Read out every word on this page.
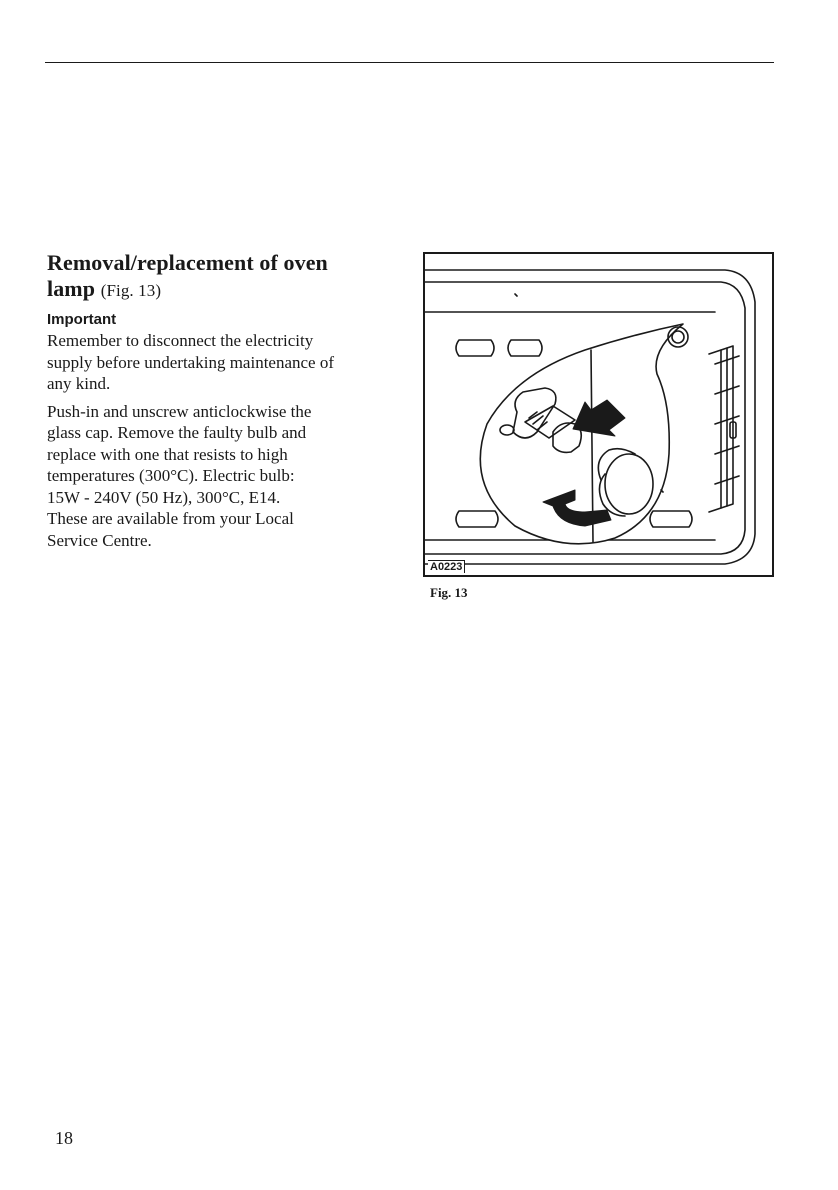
Removal/replacement of oven
lamp (Fig. 13)

Important

Remember to disconnect the electricity
supply before undertaking maintenance of
any kind.

Push-in and unscrew anticlockwise the
glass cap. Remove the faulty bulb and
replace with one that resists to high
temperatures (300°C). Electric bulb:
15W - 240V (50 Hz), 300°C, E14.
These are available from your Local
Service Centre.

A0223
Fig. 13
18
